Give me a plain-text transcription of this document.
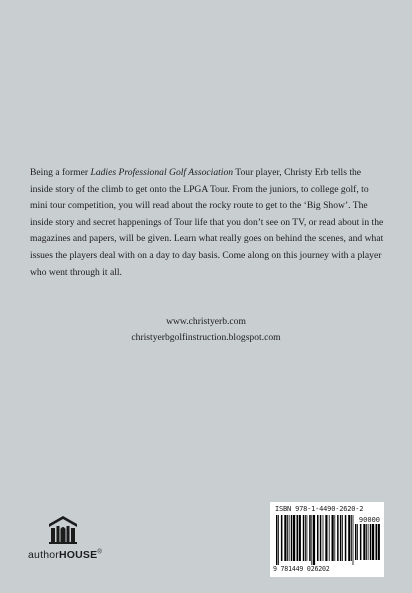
Being a former Ladies Professional Golf Association Tour player, Christy Erb tells the inside story of the climb to get onto the LPGA Tour. From the juniors, to college golf, to mini tour competition, you will read about the rocky route to get to the ‘Big Show’. The inside story and secret happenings of Tour life that you don’t see on TV, or read about in the magazines and papers, will be given. Learn what really goes on behind the scenes, and what issues the players deal with on a day to day basis. Come along on this journey with a player who went through it all.
www.christyerb.com
christyerbgolfinstruction.blogspot.com
authorHOUSE®
ISBN 978-1-4490-2620-2
90000
9 781449 026202
